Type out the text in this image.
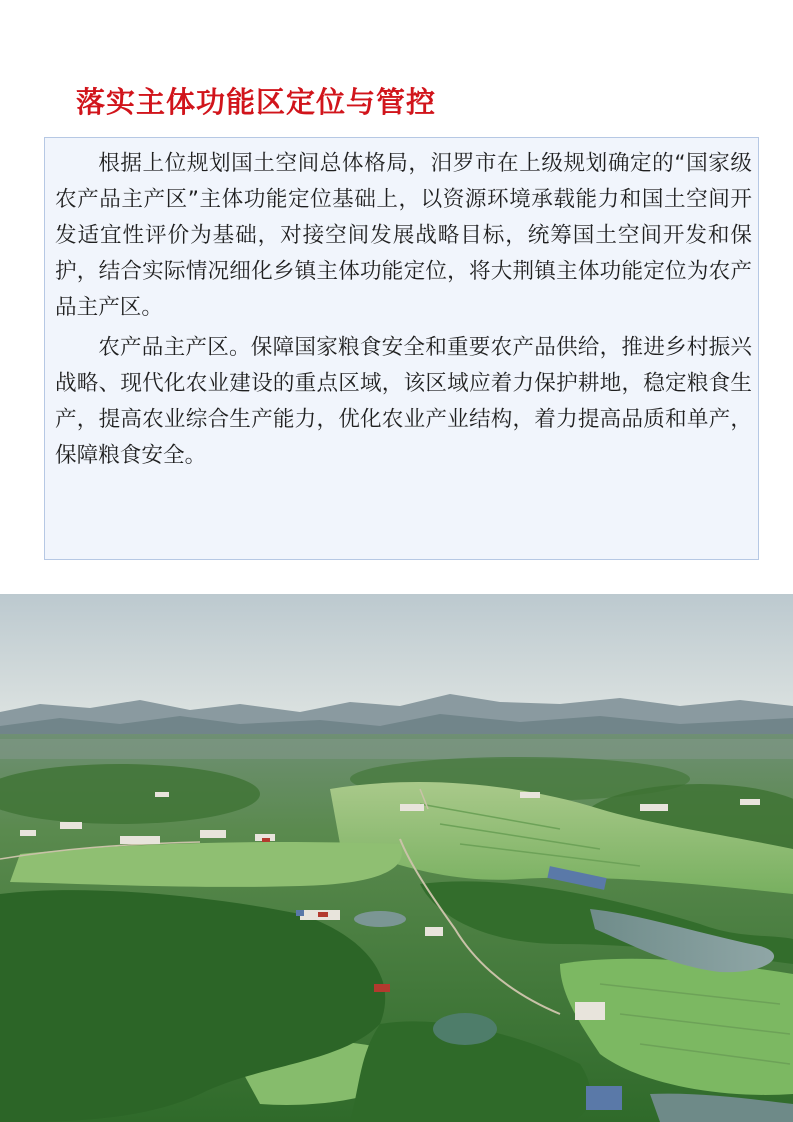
落实主体功能区定位与管控

根据上位规划国土空间总体格局，汨罗市在上级规划确定的“国家级农产品主产区”主体功能定位基础上，以资源环境承载能力和国土空间开发适宜性评价为基础，对接空间发展战略目标，统筹国土空间开发和保护，结合实际情况细化乡镇主体功能定位，将大荆镇主体功能定位为农产品主产区。

农产品主产区。保障国家粮食安全和重要农产品供给，推进乡村振兴战略、现代化农业建设的重点区域，该区域应着力保护耕地，稳定粮食生产，提高农业综合生产能力，优化农业产业结构，着力提高品质和单产，保障粮食安全。
